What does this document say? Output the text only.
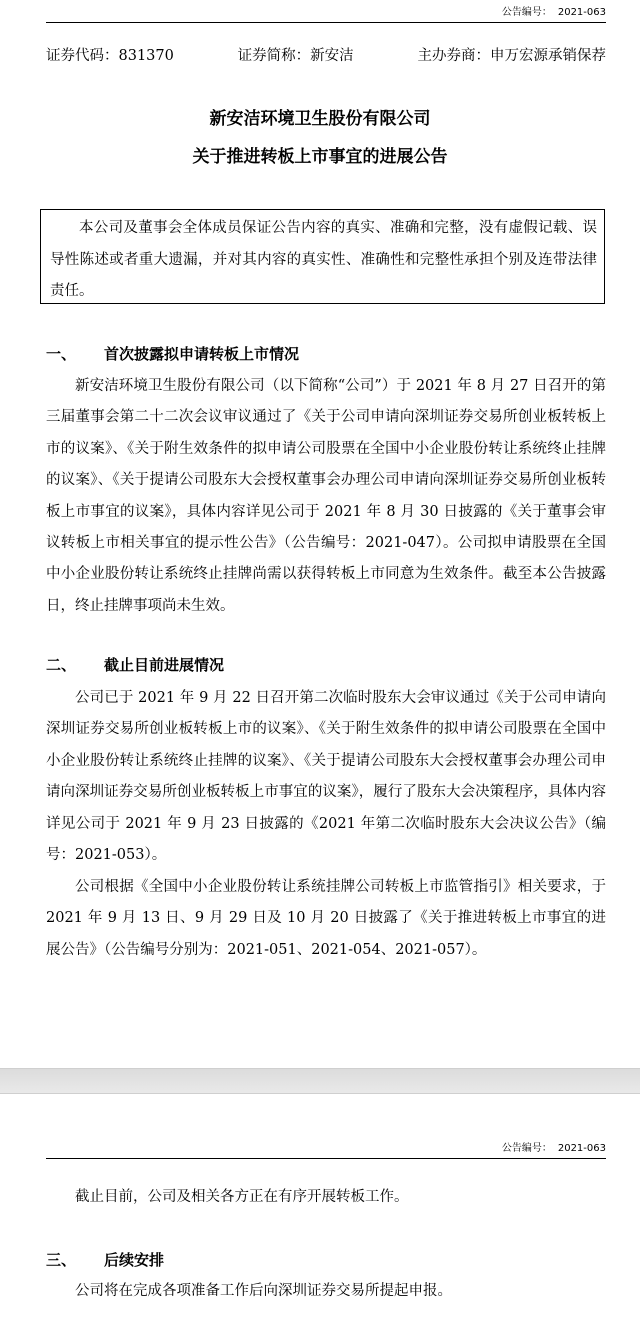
公告编号： 2021-063
证券代码：831370	证券简称：新安洁	主办券商：申万宏源承销保荐
新安洁环境卫生股份有限公司
关于推进转板上市事宜的进展公告
本公司及董事会全体成员保证公告内容的真实、准确和完整，没有虚假记载、误导性陈述或者重大遗漏，并对其内容的真实性、准确性和完整性承担个别及连带法律责任。
一、 首次披露拟申请转板上市情况
新安洁环境卫生股份有限公司（以下简称“公司”）于 2021 年 8 月 27 日召开的第三届董事会第二十二次会议审议通过了《关于公司申请向深圳证券交易所创业板转板上市的议案》、《关于附生效条件的拟申请公司股票在全国中小企业股份转让系统终止挂牌的议案》、《关于提请公司股东大会授权董事会办理公司申请向深圳证券交易所创业板转板上市事宜的议案》，具体内容详见公司于 2021 年 8 月 30 日披露的《关于董事会审议转板上市相关事宜的提示性公告》（公告编号：2021-047）。公司拟申请股票在全国中小企业股份转让系统终止挂牌尚需以获得转板上市同意为生效条件。截至本公告披露日，终止挂牌事项尚未生效。
二、 截止目前进展情况
公司已于 2021 年 9 月 22 日召开第二次临时股东大会审议通过《关于公司申请向深圳证券交易所创业板转板上市的议案》、《关于附生效条件的拟申请公司股票在全国中小企业股份转让系统终止挂牌的议案》、《关于提请公司股东大会授权董事会办理公司申请向深圳证券交易所创业板转板上市事宜的议案》，履行了股东大会决策程序，具体内容详见公司于 2021 年 9 月 23 日披露的《2021 年第二次临时股东大会决议公告》（编号：2021-053）。
公司根据《全国中小企业股份转让系统挂牌公司转板上市监管指引》相关要求，于 2021 年 9 月 13 日、9 月 29 日及 10 月 20 日披露了《关于推进转板上市事宜的进展公告》（公告编号分别为：2021-051、2021-054、2021-057）。
公告编号： 2021-063
截止目前，公司及相关各方正在有序开展转板工作。
三、 后续安排
公司将在完成各项准备工作后向深圳证券交易所提起申报。
